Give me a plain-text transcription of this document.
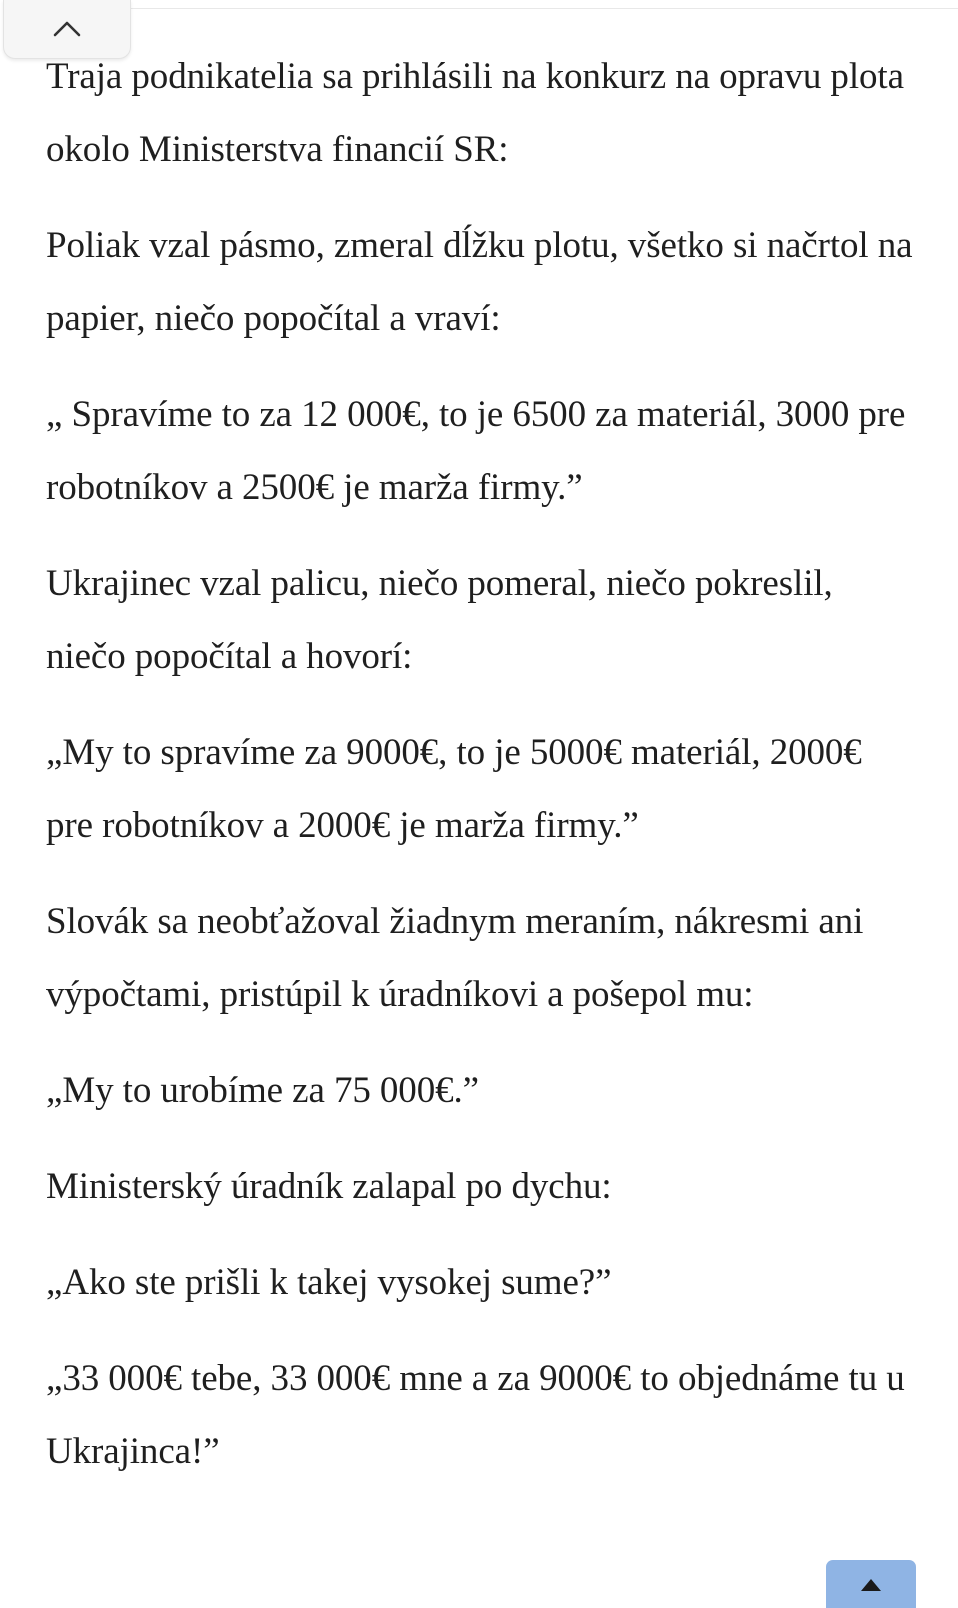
Traja podnikatelia sa prihlásili na konkurz na opravu plota okolo Ministerstva financií SR:

Poliak vzal pásmo, zmeral dĺžku plotu, všetko si načrtol na papier, niečo popočítal a vraví:

„ Spravíme to za 12 000€, to je 6500 za materiál, 3000 pre robotníkov a 2500€ je marža firmy.”

Ukrajinec vzal palicu, niečo pomeral, niečo pokreslil, niečo popočítal a hovorí:

„My to spravíme za 9000€, to je 5000€ materiál, 2000€ pre robotníkov a 2000€ je marža firmy.”

Slovák sa neobťažoval žiadnym meraním, nákresmi ani výpočtami, pristúpil k úradníkovi a pošepol mu:

„My to urobíme za 75 000€.”

Ministerský úradník zalapal po dychu:

„Ako ste prišli k takej vysokej sume?”

„33 000€ tebe, 33 000€ mne a za 9000€ to objednáme tu u Ukrajinca!”
